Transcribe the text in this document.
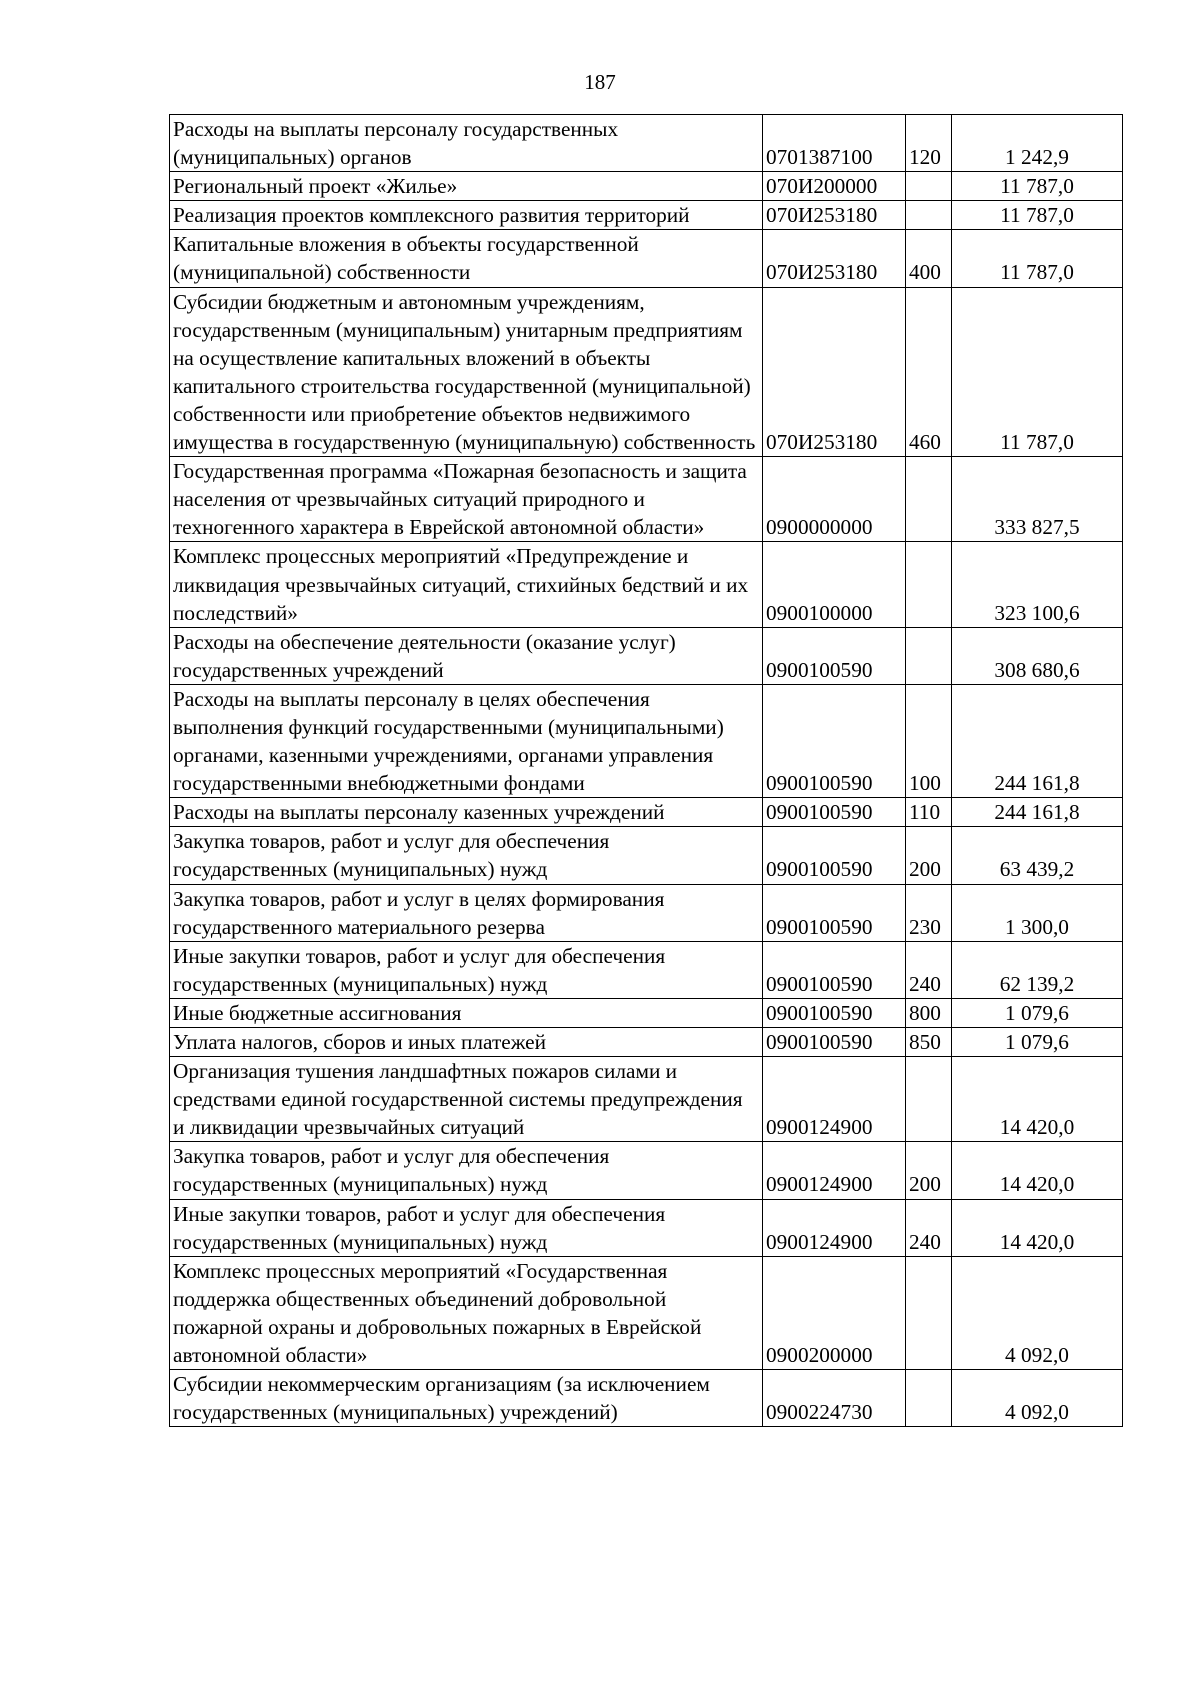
187
Расходы на выплаты персоналу государственных (муниципальных) органов	0701387100	120	1 242,9
Региональный проект «Жилье»	070И200000		11 787,0
Реализация проектов комплексного развития территорий	070И253180		11 787,0
Капитальные вложения в объекты государственной (муниципальной) собственности	070И253180	400	11 787,0
Субсидии бюджетным и автономным учреждениям, государственным (муниципальным) унитарным предприятиям на осуществление капитальных вложений в объекты капитального строительства государственной (муниципальной) собственности или приобретение объектов недвижимого имущества в государственную (муниципальную) собственность	070И253180	460	11 787,0
Государственная программа «Пожарная безопасность и защита населения от чрезвычайных ситуаций природного и техногенного характера в Еврейской автономной области»	0900000000		333 827,5
Комплекс процессных мероприятий «Предупреждение и ликвидация чрезвычайных ситуаций, стихийных бедствий и их последствий»	0900100000		323 100,6
Расходы на обеспечение деятельности (оказание услуг) государственных учреждений	0900100590		308 680,6
Расходы на выплаты персоналу в целях обеспечения выполнения функций государственными (муниципальными) органами, казенными учреждениями, органами управления государственными внебюджетными фондами	0900100590	100	244 161,8
Расходы на выплаты персоналу казенных учреждений	0900100590	110	244 161,8
Закупка товаров, работ и услуг для обеспечения государственных (муниципальных) нужд	0900100590	200	63 439,2
Закупка товаров, работ и услуг в целях формирования государственного материального резерва	0900100590	230	1 300,0
Иные закупки товаров, работ и услуг для обеспечения государственных (муниципальных) нужд	0900100590	240	62 139,2
Иные бюджетные ассигнования	0900100590	800	1 079,6
Уплата налогов, сборов и иных платежей	0900100590	850	1 079,6
Организация тушения ландшафтных пожаров силами и средствами единой государственной системы предупреждения и ликвидации чрезвычайных ситуаций	0900124900		14 420,0
Закупка товаров, работ и услуг для обеспечения государственных (муниципальных) нужд	0900124900	200	14 420,0
Иные закупки товаров, работ и услуг для обеспечения государственных (муниципальных) нужд	0900124900	240	14 420,0
Комплекс процессных мероприятий «Государственная поддержка общественных объединений добровольной пожарной охраны и добровольных пожарных в Еврейской автономной области»	0900200000		4 092,0
Субсидии некоммерческим организациям (за исключением государственных (муниципальных) учреждений)	0900224730		4 092,0
